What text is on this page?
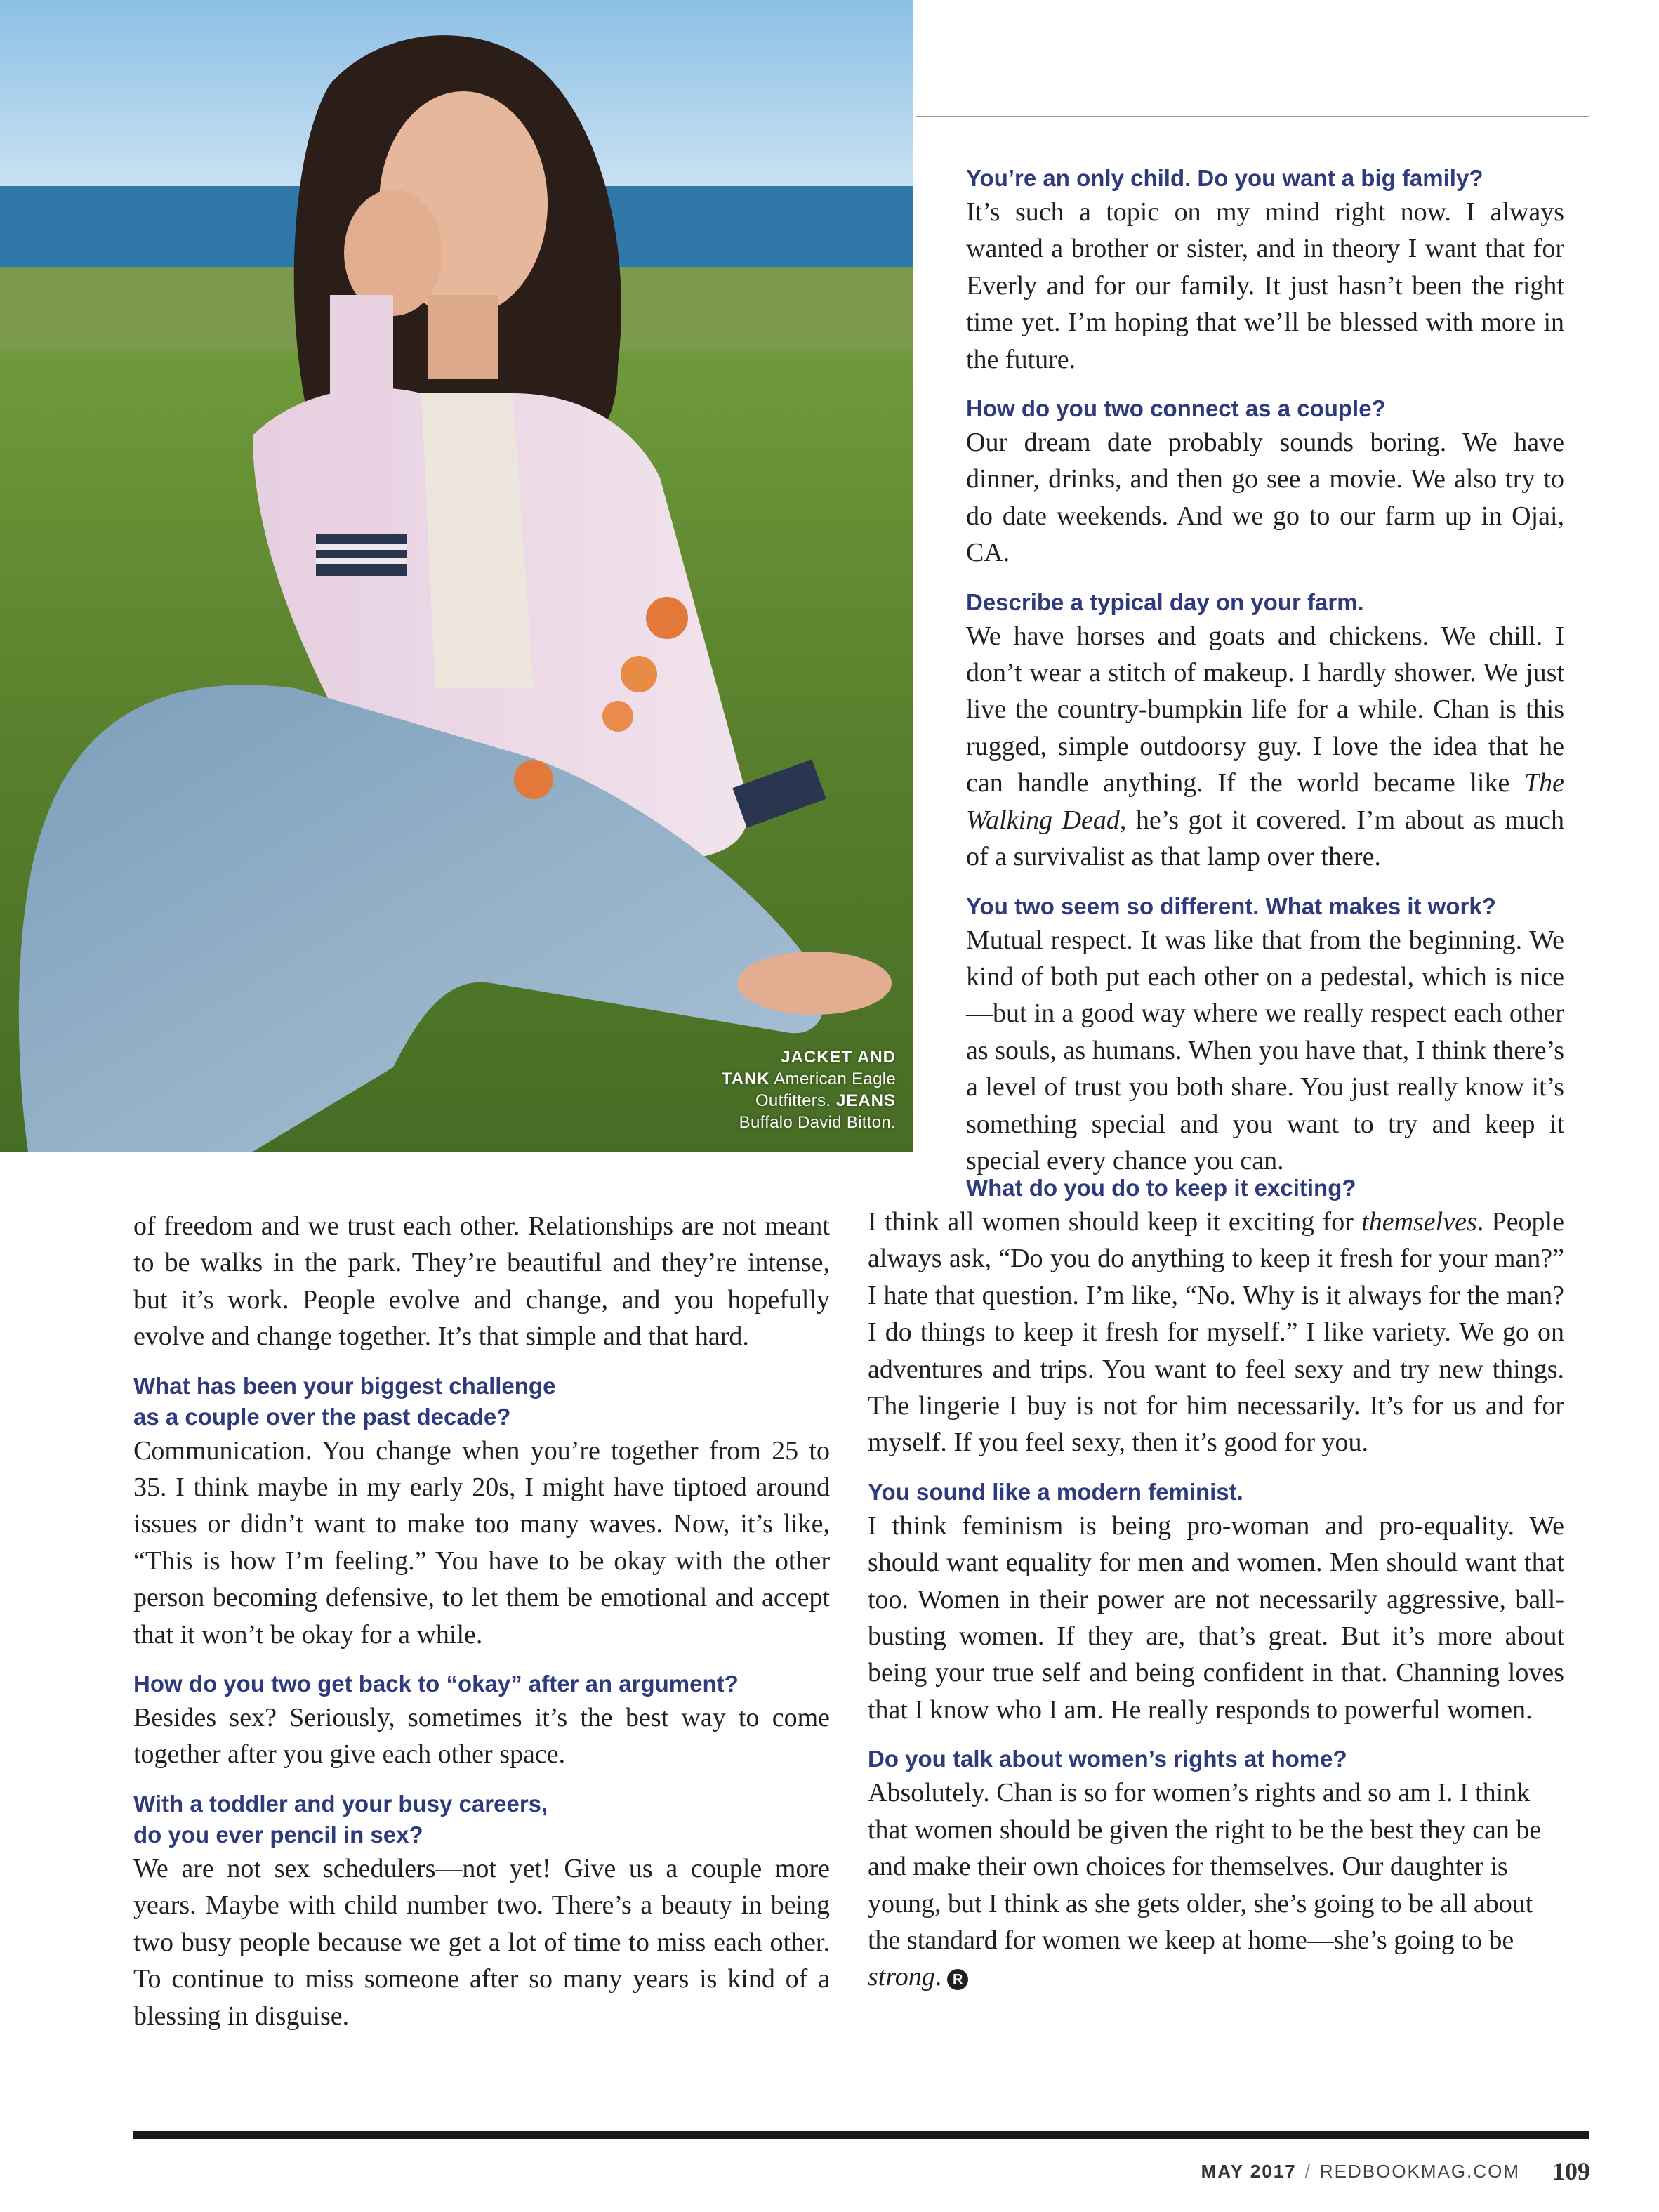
JACKET AND
TANK American Eagle
Outfitters. JEANS
Buffalo David Bitton.
You’re an only child. Do you want a big family?

It’s such a topic on my mind right now. I always wanted a brother or sister, and in theory I want that for Everly and for our family. It just hasn’t been the right time yet. I’m hoping that we’ll be blessed with more in the future.

How do you two connect as a couple?

Our dream date probably sounds boring. We have dinner, drinks, and then go see a movie. We also try to do date weekends. And we go to our farm up in Ojai, CA.

Describe a typical day on your farm.

We have horses and goats and chickens. We chill. I don’t wear a stitch of makeup. I hardly shower. We just live the country-bumpkin life for a while. Chan is this rugged, simple outdoorsy guy. I love the idea that he can handle anything. If the world became like The Walking Dead, he’s got it covered. I’m about as much of a survivalist as that lamp over there.

You two seem so different. What makes it work?

Mutual respect. It was like that from the beginning. We kind of both put each other on a pedestal, which is nice—but in a good way where we really respect each other as souls, as humans. When you have that, I think there’s a level of trust you both share. You just really know it’s something special and you want to try and keep it special every chance you can.

of freedom and we trust each other. Relationships are not meant to be walks in the park. They’re beautiful and they’re intense, but it’s work. People evolve and change, and you hopefully evolve and change together. It’s that simple and that hard.

What has been your biggest challenge
as a couple over the past decade?

Communication. You change when you’re together from 25 to 35. I think maybe in my early 20s, I might have tiptoed around issues or didn’t want to make too many waves. Now, it’s like, “This is how I’m feeling.” You have to be okay with the other person becoming defensive, to let them be emotional and accept that it won’t be okay for a while.

How do you two get back to “okay” after an argument?

Besides sex? Seriously, sometimes it’s the best way to come together after you give each other space.

With a toddler and your busy careers,
do you ever pencil in sex?

We are not sex schedulers—not yet! Give us a couple more years. Maybe with child number two. There’s a beauty in being two busy people because we get a lot of time to miss each other. To continue to miss someone after so many years is kind of a blessing in disguise.

What do you do to keep it exciting?

I think all women should keep it exciting for themselves. People always ask, “Do you do anything to keep it fresh for your man?” I hate that question. I’m like, “No. Why is it always for the man? I do things to keep it fresh for myself.” I like variety. We go on adventures and trips. You want to feel sexy and try new things. The lingerie I buy is not for him necessarily. It’s for us and for myself. If you feel sexy, then it’s good for you.

You sound like a modern feminist.

I think feminism is being pro-woman and pro-equality. We should want equality for men and women. Men should want that too. Women in their power are not necessarily aggressive, ball-busting women. If they are, that’s great. But it’s more about being your true self and being confident in that. Channing loves that I know who I am. He really responds to powerful women.

Do you talk about women’s rights at home?

Absolutely. Chan is so for women’s rights and so am I. I think that women should be given the right to be the best they can be and make their own choices for themselves. Our daughter is young, but I think as she gets older, she’s going to be all about the standard for women we keep at home—she’s going to be strong. R

MAY 2017 / REDBOOKMAG.COM 109
